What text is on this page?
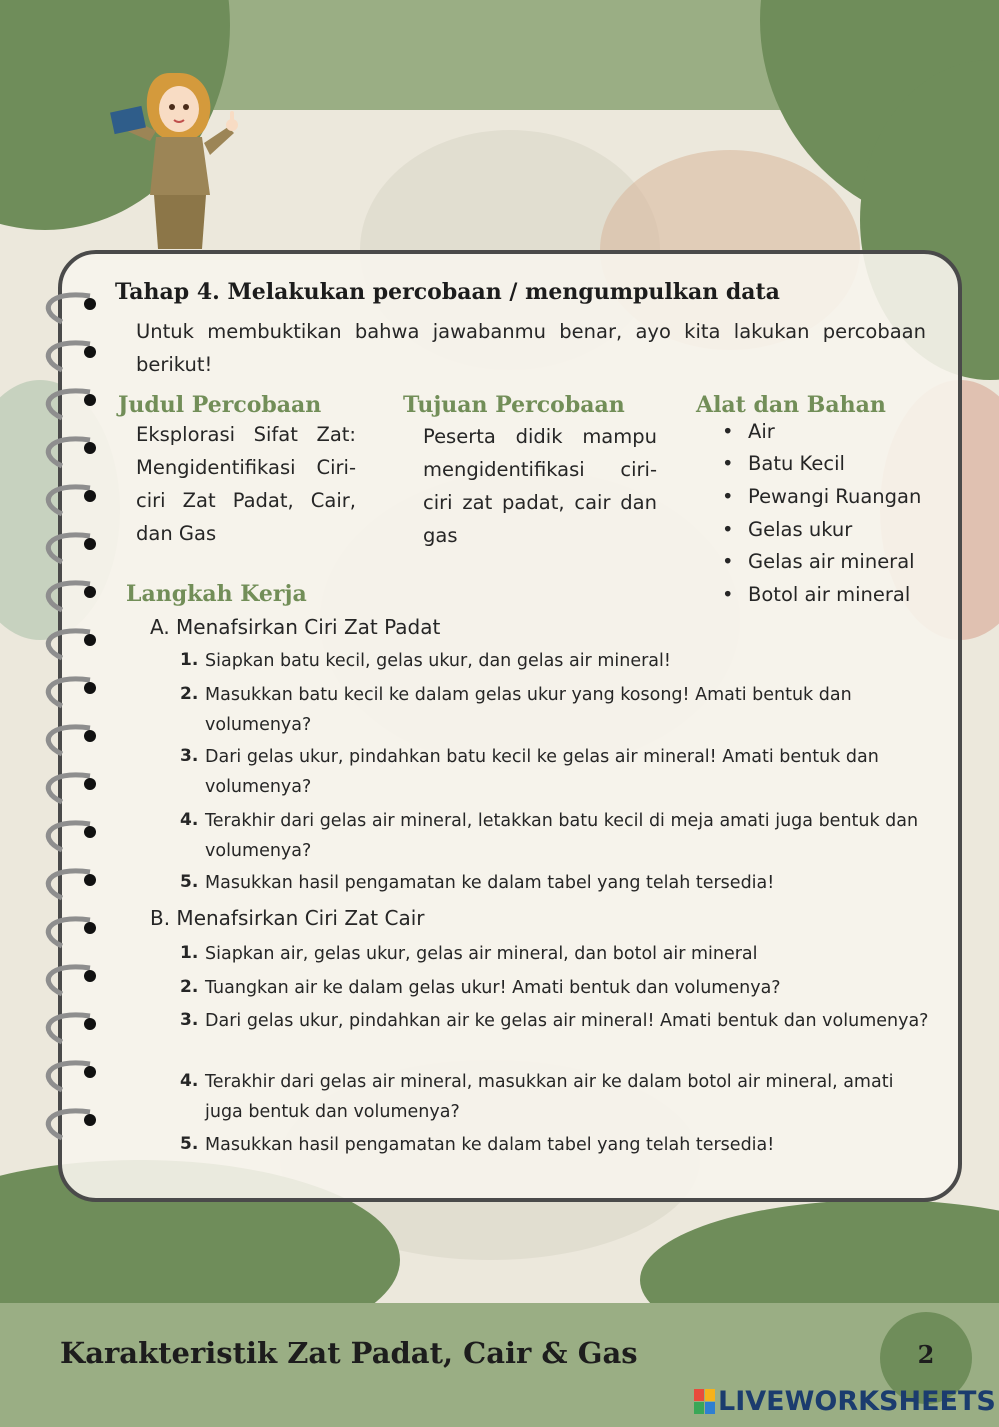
Tahap 4. Melakukan percobaan / mengumpulkan data

Untuk membuktikan bahwa jawabanmu benar, ayo kita lakukan percobaan berikut!

Judul Percobaan

Eksplorasi Sifat Zat: Mengidentifikasi Ciri-ciri Zat Padat, Cair, dan Gas

Tujuan Percobaan

Peserta didik mampu mengidentifikasi ciri-ciri zat padat, cair dan gas

Alat dan Bahan
• Air
• Batu Kecil
• Pewangi Ruangan
• Gelas ukur
• Gelas air mineral
• Botol air mineral
Langkah Kerja
A. Menafsirkan Ciri Zat Padat
1. Siapkan batu kecil, gelas ukur, dan gelas air mineral!
2. Masukkan batu kecil ke dalam gelas ukur yang kosong! Amati bentuk dan volumenya?
3. Dari gelas ukur, pindahkan batu kecil ke gelas air mineral! Amati bentuk dan volumenya?
4. Terakhir dari gelas air mineral, letakkan batu kecil di meja amati juga bentuk dan volumenya?
5. Masukkan hasil pengamatan ke dalam tabel yang telah tersedia!
B. Menafsirkan Ciri Zat Cair
1. Siapkan air, gelas ukur, gelas air mineral, dan botol air mineral
2. Tuangkan air ke dalam gelas ukur! Amati bentuk dan volumenya?
3. Dari gelas ukur, pindahkan air ke gelas air mineral! Amati bentuk dan volumenya?
4. Terakhir dari gelas air mineral, masukkan air ke dalam botol air mineral, amati juga bentuk dan volumenya?
5. Masukkan hasil pengamatan ke dalam tabel yang telah tersedia!
Karakteristik Zat Padat, Cair & Gas	2
LIVEWORKSHEETS
